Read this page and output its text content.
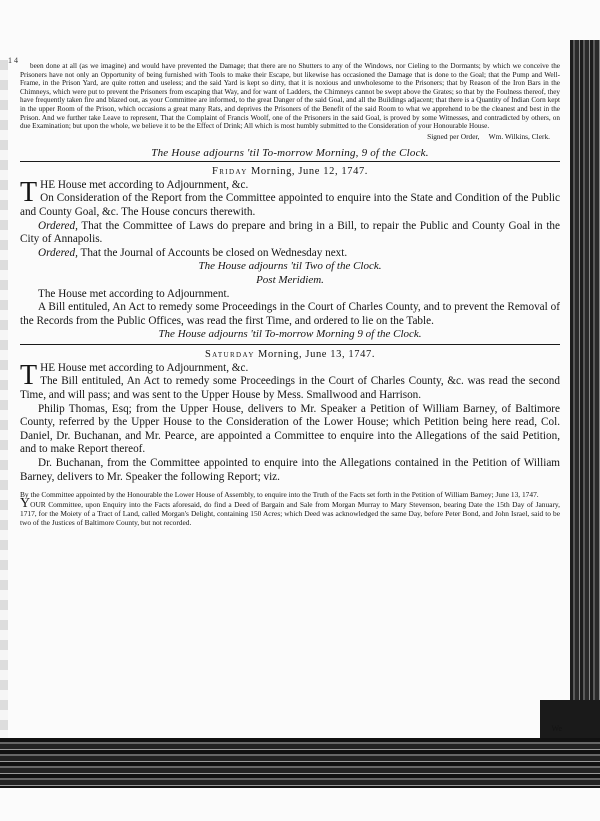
1 4

been done at all (as we imagine) and would have prevented the Damage; that there are no Shutters to any of the Windows, nor Cieling to the Dormants; by which we conceive the Prisoners have not only an Opportunity of being furnished with Tools to make their Escape, but likewise has occasioned the Damage that is done to the Goal; that the Pump and Well-Frame, in the Prison Yard, are quite rotten and useless; and the said Yard is kept so dirty, that it is noxious and unwholesome to the Prisoners; that by Reason of the Iron Bars in the Chimneys, which were put to prevent the Prisoners from escaping that Way, and for want of Ladders, the Chimneys cannot be swept above the Grates; so that by the Foulness thereof, they have frequently taken fire and blazed out, as your Committee are informed, to the great Danger of the said Goal, and all the Buildings adjacent; that there is a Quantity of Indian Corn kept in the upper Room of the Prison, which occasions a great many Rats, and deprives the Prisoners of the Benefit of the said Room to what we apprehend to be the cleanest and best in the Prison. And we further take Leave to represent, That the Complaint of Francis Woolf, one of the Prisoners in the said Goal, is proved by some Witnesses, and contradicted by others, on due Examination; but upon the whole, we believe it to be the Effect of Drink; All which is most humbly submitted to the Consideration of your Honourable House.

Signed per Order, Wm. Wilkins, Clerk.
The House adjourns 'til To-morrow Morning, 9 of the Clock.
Friday Morning, June 12, 1747.

T HE House met according to Adjournment, &c.
On Consideration of the Report from the Committee appointed to enquire into the State and Condition of the Public and County Goal, &c. The House concurs therewith.

Ordered, That the Committee of Laws do prepare and bring in a Bill, to repair the Public and County Goal in the City of Annapolis.

Ordered, That the Journal of Accounts be closed on Wednesday next.

The House adjourns 'til Two of the Clock.
Post Meridiem.

The House met according to Adjournment.

A Bill entituled, An Act to remedy some Proceedings in the Court of Charles County, and to prevent the Removal of the Records from the Public Offices, was read the first Time, and ordered to lie on the Table.

The House adjourns 'til To-morrow Morning 9 of the Clock.
Saturday Morning, June 13, 1747.

T HE House met according to Adjournment, &c.
The Bill entituled, An Act to remedy some Proceedings in the Court of Charles County, &c. was read the second Time, and will pass; and was sent to the Upper House by Mess. Smallwood and Harrison.

Philip Thomas, Esq; from the Upper House, delivers to Mr. Speaker a Petition of William Barney, of Baltimore County, referred by the Upper House to the Consideration of the Lower House; which Petition being here read, Col. Daniel, Dr. Buchanan, and Mr. Pearce, are appointed a Committee to enquire into the Allegations of the said Petition, and to make Report thereof.

Dr. Buchanan, from the Committee appointed to enquire into the Allegations contained in the Petition of William Barney, delivers to Mr. Speaker the following Report; viz.

By the Committee appointed by the Honourable the Lower House of Assembly, to enquire into the Truth of the Facts set forth in the Petition of William Barney; June 13, 1747.

YOUR Committee, upon Enquiry into the Facts aforesaid, do find a Deed of Bargain and Sale from Morgan Murray to Mary Stevenson, bearing Date the 15th Day of January, 1717, for the Moiety of a Tract of Land, called Morgan's Delight, containing 150 Acres; which Deed was acknowledged the same Day, before Peter Bond, and John Israel, said to be two of the Justices of Baltimore County, but not recorded.

We
